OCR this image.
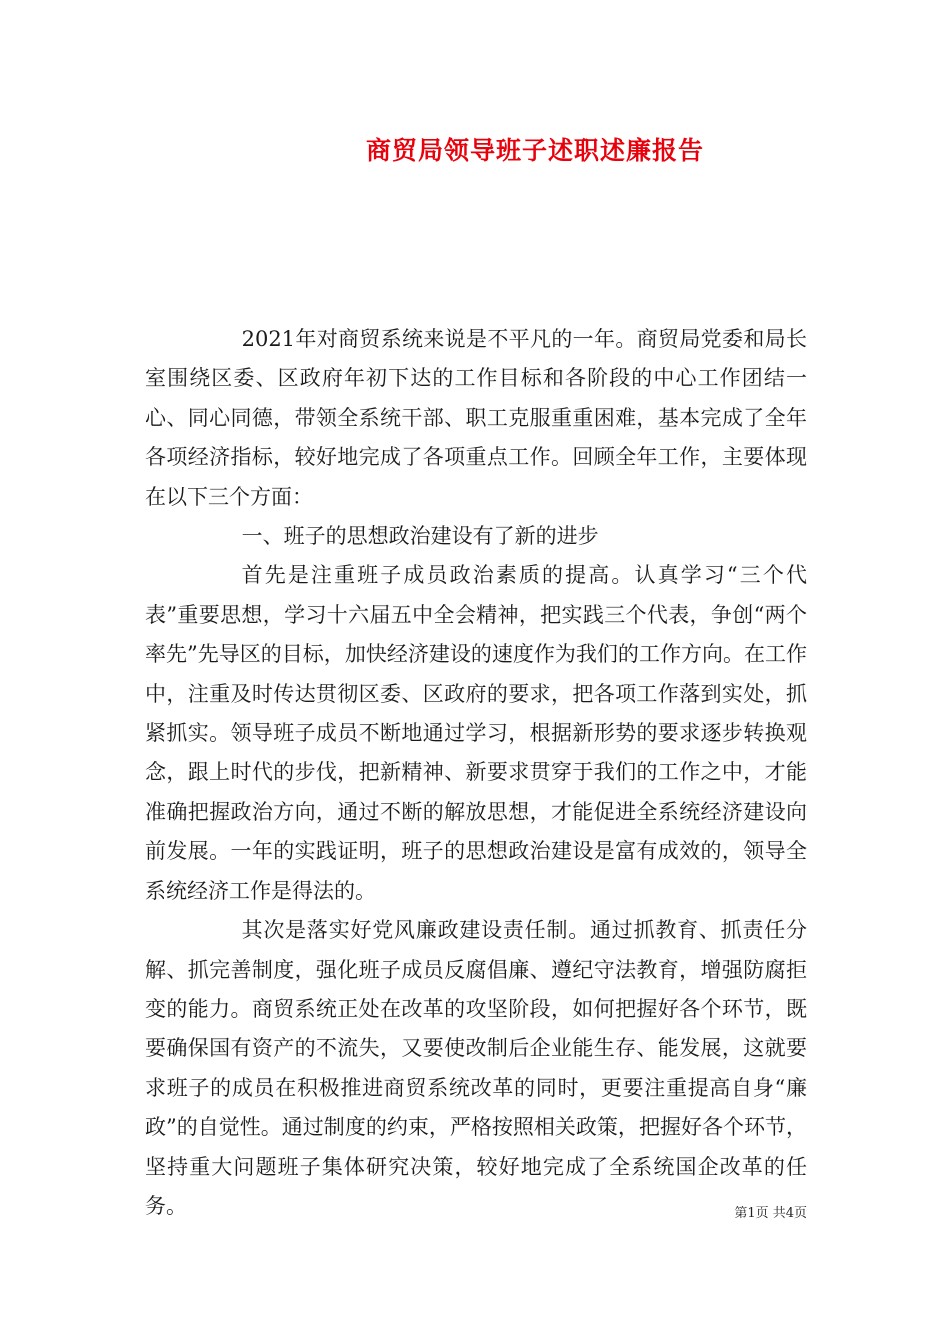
商贸局领导班子述职述廉报告

2021年对商贸系统来说是不平凡的一年。商贸局党委和局长室围绕区委、区政府年初下达的工作目标和各阶段的中心工作团结一心、同心同德，带领全系统干部、职工克服重重困难，基本完成了全年各项经济指标，较好地完成了各项重点工作。回顾全年工作，主要体现在以下三个方面：

一、班子的思想政治建设有了新的进步

首先是注重班子成员政治素质的提高。认真学习“三个代表”重要思想，学习十六届五中全会精神，把实践三个代表，争创“两个率先”先导区的目标，加快经济建设的速度作为我们的工作方向。在工作中，注重及时传达贯彻区委、区政府的要求，把各项工作落到实处，抓紧抓实。领导班子成员不断地通过学习，根据新形势的要求逐步转换观念，跟上时代的步伐，把新精神、新要求贯穿于我们的工作之中，才能准确把握政治方向，通过不断的解放思想，才能促进全系统经济建设向前发展。一年的实践证明，班子的思想政治建设是富有成效的，领导全系统经济工作是得法的。

其次是落实好党风廉政建设责任制。通过抓教育、抓责任分解、抓完善制度，强化班子成员反腐倡廉、遵纪守法教育，增强防腐拒变的能力。商贸系统正处在改革的攻坚阶段，如何把握好各个环节，既要确保国有资产的不流失，又要使改制后企业能生存、能发展，这就要求班子的成员在积极推进商贸系统改革的同时，更要注重提高自身“廉政”的自觉性。通过制度的约束，严格按照相关政策，把握好各个环节，坚持重大问题班子集体研究决策，较好地完成了全系统国企改革的任务。	第1页 共4页
